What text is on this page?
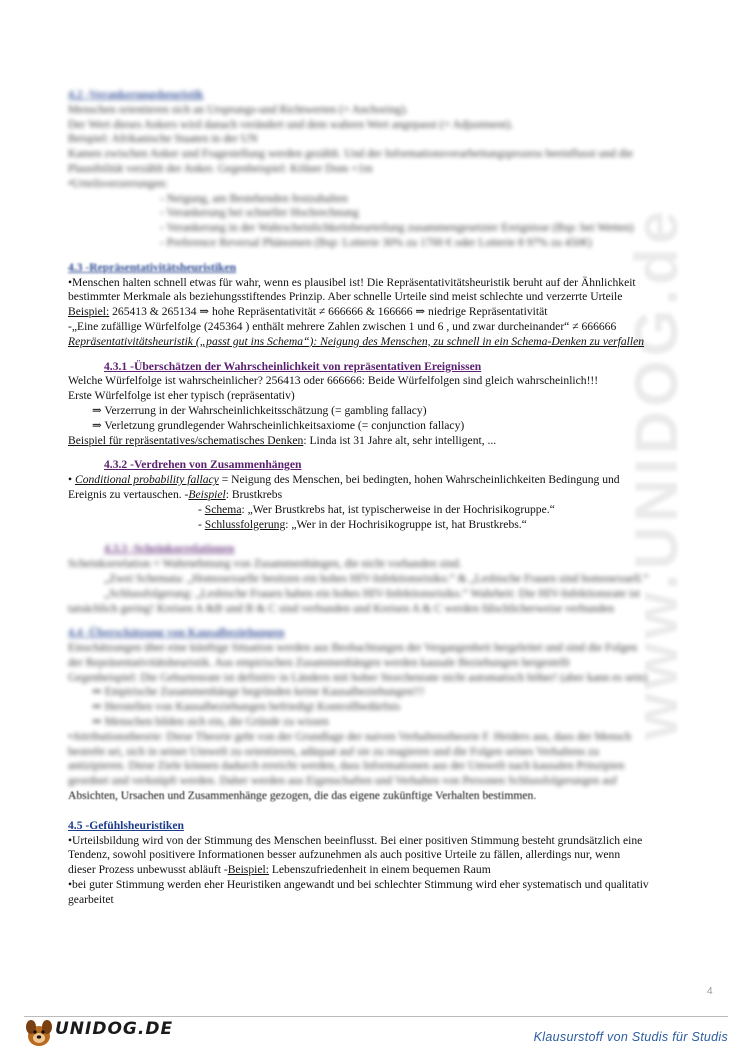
www.UNIDOG.de
4.2 -Verankerungsheuristik
Menschen orientieren sich an Ursprungs-und Richtwerten (= Anchoring).
Der Wert dieses Ankers wird danach verändert und dem wahren Wert angepasst (= Adjustment).
Beispiel: Afrikanische Staaten in der UN
Kamen zwischen Anker und Fragestellung werden gezählt. Und der Informationsverarbeitungsprozess beeinflusst und die
Plausibilität verzählt der Anker. Gegenbeispiel: Kölner Dom +1m
•Urteilsverzerrungen:
- Neigung, am Bestehenden festzuhalten
- Verankerung bei schneller Hochrechnung
- Verankerung in der Wahrscheinlichkeitsbeurteilung zusammengesetzter Ereignisse (Bsp: bei Wetten)
- Preference Reversal Phänomen (Bsp: Lotterie 30% zu 1700 € oder Lotterie 8 97% zu 450€)
4.3 -Repräsentativitätsheuristiken
•Menschen halten schnell etwas für wahr, wenn es plausibel ist! Die Repräsentativitätsheuristik beruht auf der Ähnlichkeit
bestimmter Merkmale als beziehungsstiftendes Prinzip. Aber schnelle Urteile sind meist schlechte und verzerrte Urteile
Beispiel: 265413 & 265134 ⇒ hohe Repräsentativität ≠ 666666 & 166666 ⇒ niedrige Repräsentativität
-„Eine zufällige Würfelfolge (245364 ) enthält mehrere Zahlen zwischen 1 und 6 , und zwar durcheinander“ ≠ 666666
Repräsentativitätsheuristik („passt gut ins Schema“): Neigung des Menschen, zu schnell in ein Schema-Denken zu verfallen
4.3.1 -Überschätzen der Wahrscheinlichkeit von repräsentativen Ereignissen
Welche Würfelfolge ist wahrscheinlicher? 256413 oder 666666: Beide Würfelfolgen sind gleich wahrscheinlich!!!
Erste Würfelfolge ist eher typisch (repräsentativ)
⇒ Verzerrung in der Wahrscheinlichkeitsschätzung (= gambling fallacy)
⇒ Verletzung grundlegender Wahrscheinlichkeitsaxiome (= conjunction fallacy)
Beispiel für repräsentatives/schematisches Denken: Linda ist 31 Jahre alt, sehr intelligent, ...
4.3.2 -Verdrehen von Zusammenhängen
• Conditional probability fallacy = Neigung des Menschen, bei bedingten, hohen Wahrscheinlichkeiten Bedingung und
Ereignis zu vertauschen. -Beispiel: Brustkrebs
- Schema: „Wer Brustkrebs hat, ist typischerweise in der Hochrisikogruppe.“
- Schlussfolgerung: „Wer in der Hochrisikogruppe ist, hat Brustkrebs.“
4.3.3 -Scheinkorrelationen
Scheinkorrelation = Wahrnehmung von Zusammenhängen, die nicht vorhanden sind.
„Zwei Schemata: „Homosexuelle besitzen ein hohes HIV-Infektionsrisiko.“ & „Lesbische Frauen sind homosexuell.“
„Schlussfolgerung: „Lesbische Frauen haben ein hohes HIV-Infektionsrisiko.“ Wahrheit: Die HIV-Infektionsrate ist
tatsächlich gering! Kreisen A &B und B & C sind verbunden und Kreisen A & C werden fälschlicherweise verbunden
4.4 -Überschätzung von Kausalbeziehungen
Einschätzungen über eine künftige Situation werden aus Beobachtungen der Vergangenheit hergeleitet und sind die Folgen
der Repräsentativitätsheuristik. Aus empirischen Zusammenhängen werden kausale Beziehungen hergestellt
Gegenbeispiel: Die Geburtenrate ist definitiv in Ländern mit hoher Storchenrate nicht automatisch höher! (aber kann es sein)
⇒ Empirische Zusammenhänge begründen keine Kausalbeziehungen!!!
⇒ Herstellen von Kausalbeziehungen befriedigt Kontrollbedürfnis
⇒ Menschen bilden sich ein, die Gründe zu wissen
•Attributionstheorie: Diese Theorie geht von der Grundlage der naiven Verhaltenstheorie F. Heiders aus, dass der Mensch
bestrebt sei, sich in seiner Umwelt zu orientieren, adäquat auf sie zu reagieren und die Folgen seines Verhaltens zu
antizipieren. Diese Ziele können dadurch erreicht werden, dass Informationen aus der Umwelt nach kausalen Prinzipien
geordnet und verknüpft werden. Daher werden aus Eigenschaften und Verhalten von Personen Schlussfolgerungen auf
Absichten, Ursachen und Zusammenhänge gezogen, die das eigene zukünftige Verhalten bestimmen.
4.5 -Gefühlsheuristiken
•Urteilsbildung wird von der Stimmung des Menschen beeinflusst. Bei einer positiven Stimmung besteht grundsätzlich eine
Tendenz, sowohl positivere Informationen besser aufzunehmen als auch positive Urteile zu fällen, allerdings nur, wenn
dieser Prozess unbewusst abläuft -Beispiel: Lebenszufriedenheit in einem bequemen Raum
•bei guter Stimmung werden eher Heuristiken angewandt und bei schlechter Stimmung wird eher systematisch und qualitativ
gearbeitet
4
UNIDOG.DE	Klausurstoff von Studis für Studis
